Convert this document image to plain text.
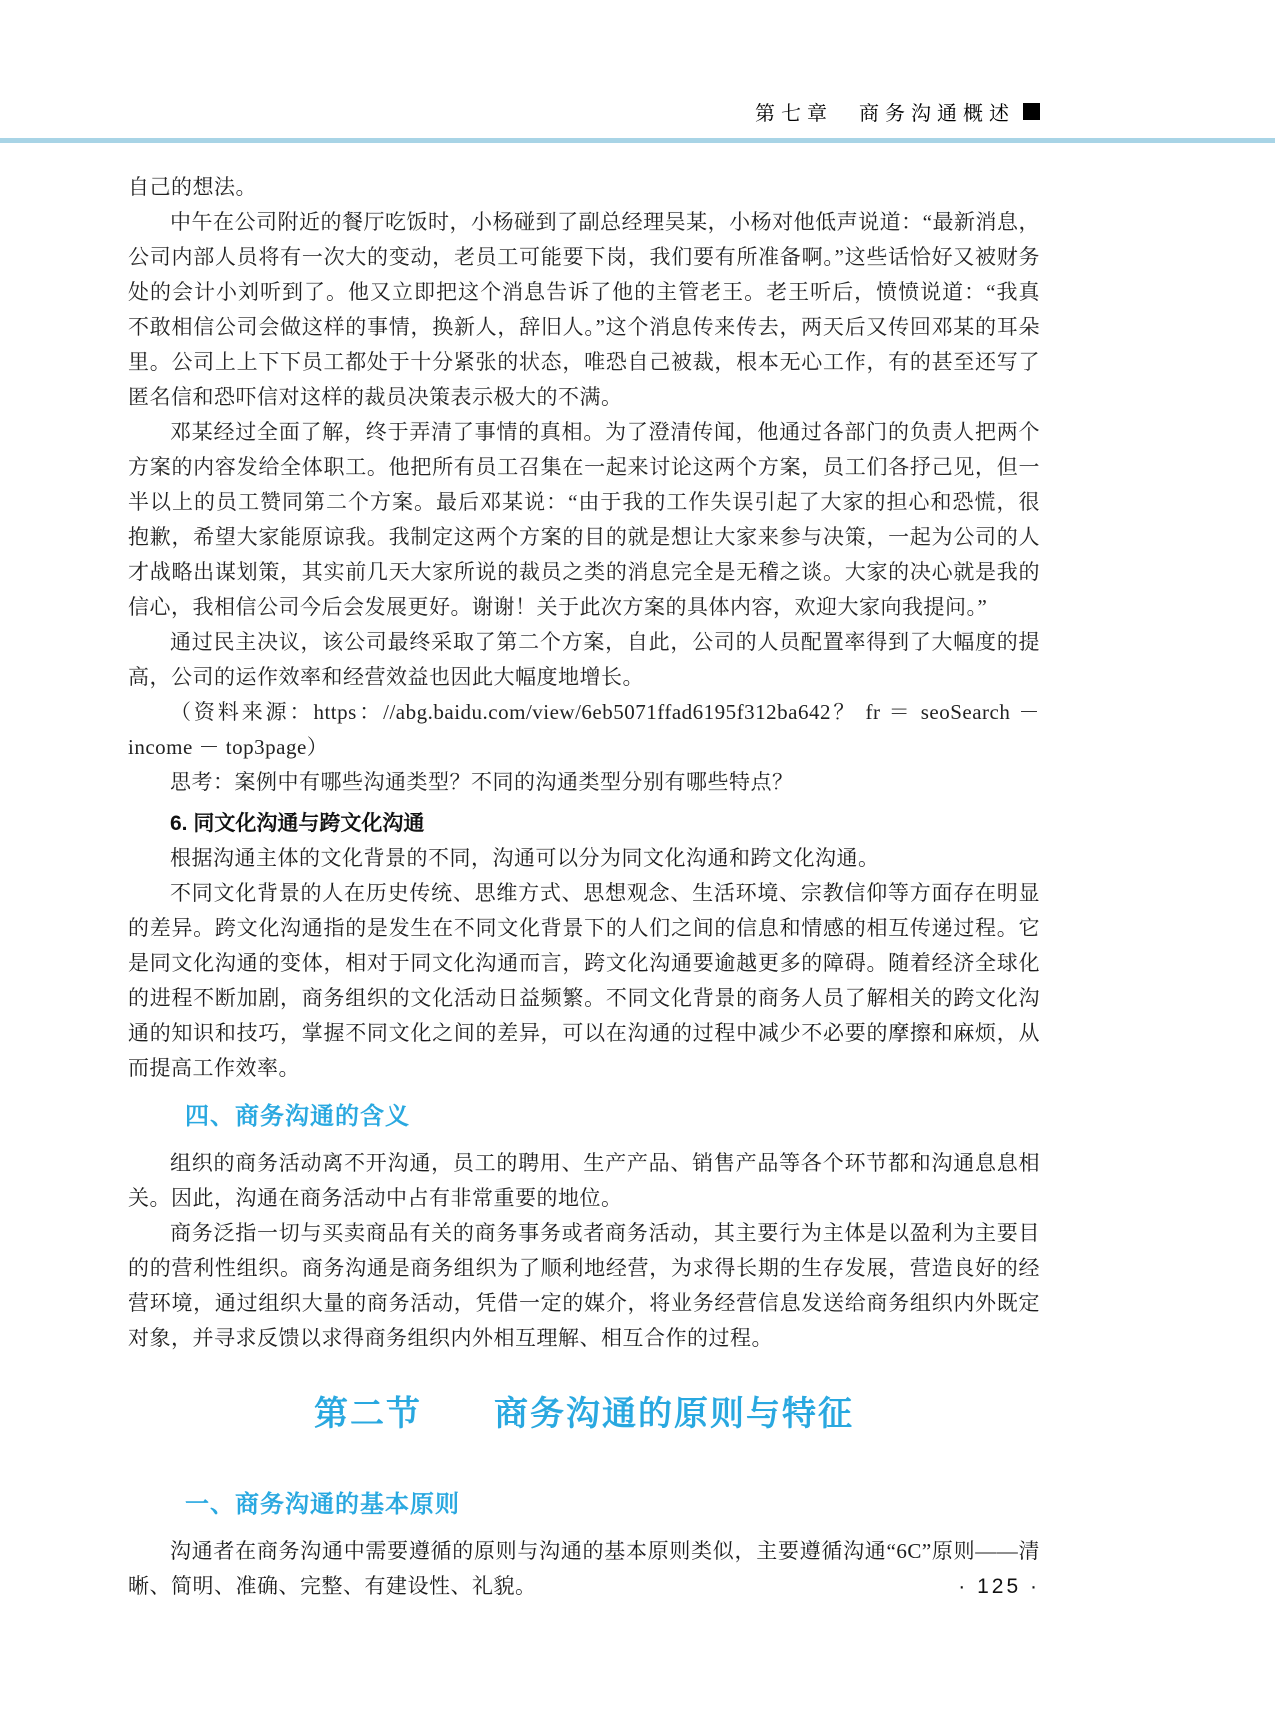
第七章　商务沟通概述

自己的想法。

中午在公司附近的餐厅吃饭时，小杨碰到了副总经理吴某，小杨对他低声说道：“最新消息，公司内部人员将有一次大的变动，老员工可能要下岗，我们要有所准备啊。”这些话恰好又被财务处的会计小刘听到了。他又立即把这个消息告诉了他的主管老王。老王听后，愤愤说道：“我真不敢相信公司会做这样的事情，换新人，辞旧人。”这个消息传来传去，两天后又传回邓某的耳朵里。公司上上下下员工都处于十分紧张的状态，唯恐自己被裁，根本无心工作，有的甚至还写了匿名信和恐吓信对这样的裁员决策表示极大的不满。

邓某经过全面了解，终于弄清了事情的真相。为了澄清传闻，他通过各部门的负责人把两个方案的内容发给全体职工。他把所有员工召集在一起来讨论这两个方案，员工们各抒己见，但一半以上的员工赞同第二个方案。最后邓某说：“由于我的工作失误引起了大家的担心和恐慌，很抱歉，希望大家能原谅我。我制定这两个方案的目的就是想让大家来参与决策，一起为公司的人才战略出谋划策，其实前几天大家所说的裁员之类的消息完全是无稽之谈。大家的决心就是我的信心，我相信公司今后会发展更好。谢谢！关于此次方案的具体内容，欢迎大家向我提问。”

通过民主决议，该公司最终采取了第二个方案，自此，公司的人员配置率得到了大幅度的提高，公司的运作效率和经营效益也因此大幅度地增长。

（资料来源：https：//abg.baidu.com/view/6eb5071ffad6195f312ba642？ fr ＝ seoSearch － income － top3page）

思考：案例中有哪些沟通类型？不同的沟通类型分别有哪些特点？

6. 同文化沟通与跨文化沟通

根据沟通主体的文化背景的不同，沟通可以分为同文化沟通和跨文化沟通。

不同文化背景的人在历史传统、思维方式、思想观念、生活环境、宗教信仰等方面存在明显的差异。跨文化沟通指的是发生在不同文化背景下的人们之间的信息和情感的相互传递过程。它是同文化沟通的变体，相对于同文化沟通而言，跨文化沟通要逾越更多的障碍。随着经济全球化的进程不断加剧，商务组织的文化活动日益频繁。不同文化背景的商务人员了解相关的跨文化沟通的知识和技巧，掌握不同文化之间的差异，可以在沟通的过程中减少不必要的摩擦和麻烦，从而提高工作效率。

四、商务沟通的含义

组织的商务活动离不开沟通，员工的聘用、生产产品、销售产品等各个环节都和沟通息息相关。因此，沟通在商务活动中占有非常重要的地位。

商务泛指一切与买卖商品有关的商务事务或者商务活动，其主要行为主体是以盈利为主要目的的营利性组织。商务沟通是商务组织为了顺利地经营，为求得长期的生存发展，营造良好的经营环境，通过组织大量的商务活动，凭借一定的媒介，将业务经营信息发送给商务组织内外既定对象，并寻求反馈以求得商务组织内外相互理解、相互合作的过程。

第二节　　商务沟通的原则与特征
一、商务沟通的基本原则

沟通者在商务沟通中需要遵循的原则与沟通的基本原则类似，主要遵循沟通“6C”原则——清晰、简明、准确、完整、有建设性、礼貌。	· 125 ·
